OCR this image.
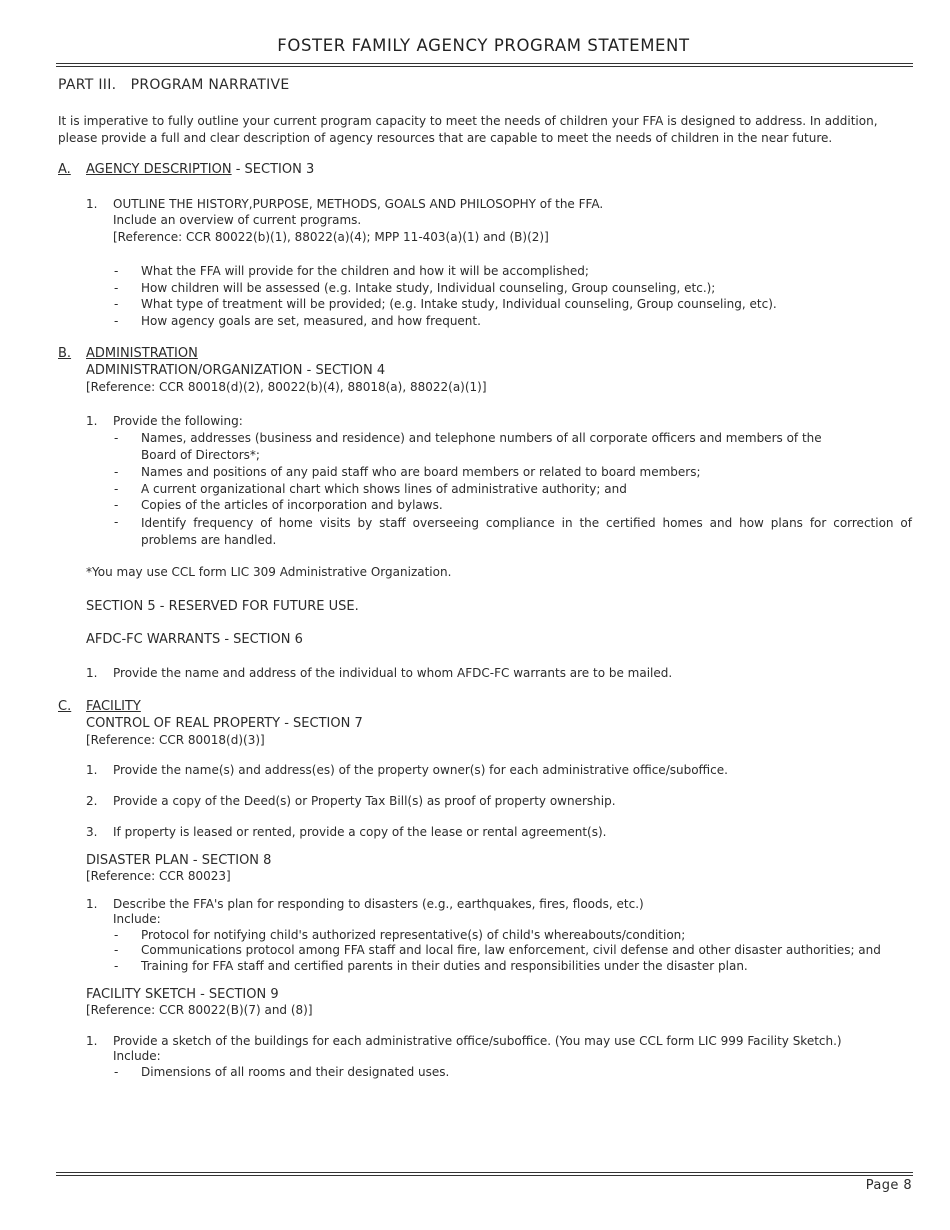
FOSTER FAMILY AGENCY PROGRAM STATEMENT
PART III. PROGRAM NARRATIVE
It is imperative to fully outline your current program capacity to meet the needs of children your FFA is designed to address. In addition, please provide a full and clear description of agency resources that are capable to meet the needs of children in the near future.
A. AGENCY DESCRIPTION - SECTION 3
1. OUTLINE THE HISTORY,PURPOSE, METHODS, GOALS AND PHILOSOPHY of the FFA.
Include an overview of current programs.
[Reference: CCR 80022(b)(1), 88022(a)(4); MPP 11-403(a)(1) and (B)(2)]
- What the FFA will provide for the children and how it will be accomplished;
- How children will be assessed (e.g. Intake study, Individual counseling, Group counseling, etc.);
- What type of treatment will be provided; (e.g. Intake study, Individual counseling, Group counseling, etc).
- How agency goals are set, measured, and how frequent.
B. ADMINISTRATION
ADMINISTRATION/ORGANIZATION - SECTION 4
[Reference: CCR 80018(d)(2), 80022(b)(4), 88018(a), 88022(a)(1)]
1. Provide the following:
- Names, addresses (business and residence) and telephone numbers of all corporate officers and members of the
Board of Directors*;
- Names and positions of any paid staff who are board members or related to board members;
- A current organizational chart which shows lines of administrative authority; and
- Copies of the articles of incorporation and bylaws.
- Identify frequency of home visits by staff overseeing compliance in the certified homes and how plans for correction of problems are handled.
*You may use CCL form LIC 309 Administrative Organization.
SECTION 5 - RESERVED FOR FUTURE USE.
AFDC-FC WARRANTS - SECTION 6
1. Provide the name and address of the individual to whom AFDC-FC warrants are to be mailed.
C. FACILITY
CONTROL OF REAL PROPERTY - SECTION 7
[Reference: CCR 80018(d)(3)]
1. Provide the name(s) and address(es) of the property owner(s) for each administrative office/suboffice.
2. Provide a copy of the Deed(s) or Property Tax Bill(s) as proof of property ownership.
3. If property is leased or rented, provide a copy of the lease or rental agreement(s).
DISASTER PLAN - SECTION 8
[Reference: CCR 80023]
1. Describe the FFA's plan for responding to disasters (e.g., earthquakes, fires, floods, etc.)
Include:
- Protocol for notifying child's authorized representative(s) of child's whereabouts/condition;
- Communications protocol among FFA staff and local fire, law enforcement, civil defense and other disaster authorities; and
- Training for FFA staff and certified parents in their duties and responsibilities under the disaster plan.
FACILITY SKETCH - SECTION 9
[Reference: CCR 80022(B)(7) and (8)]
1. Provide a sketch of the buildings for each administrative office/suboffice. (You may use CCL form LIC 999 Facility Sketch.)
Include:
- Dimensions of all rooms and their designated uses.
Page 8
